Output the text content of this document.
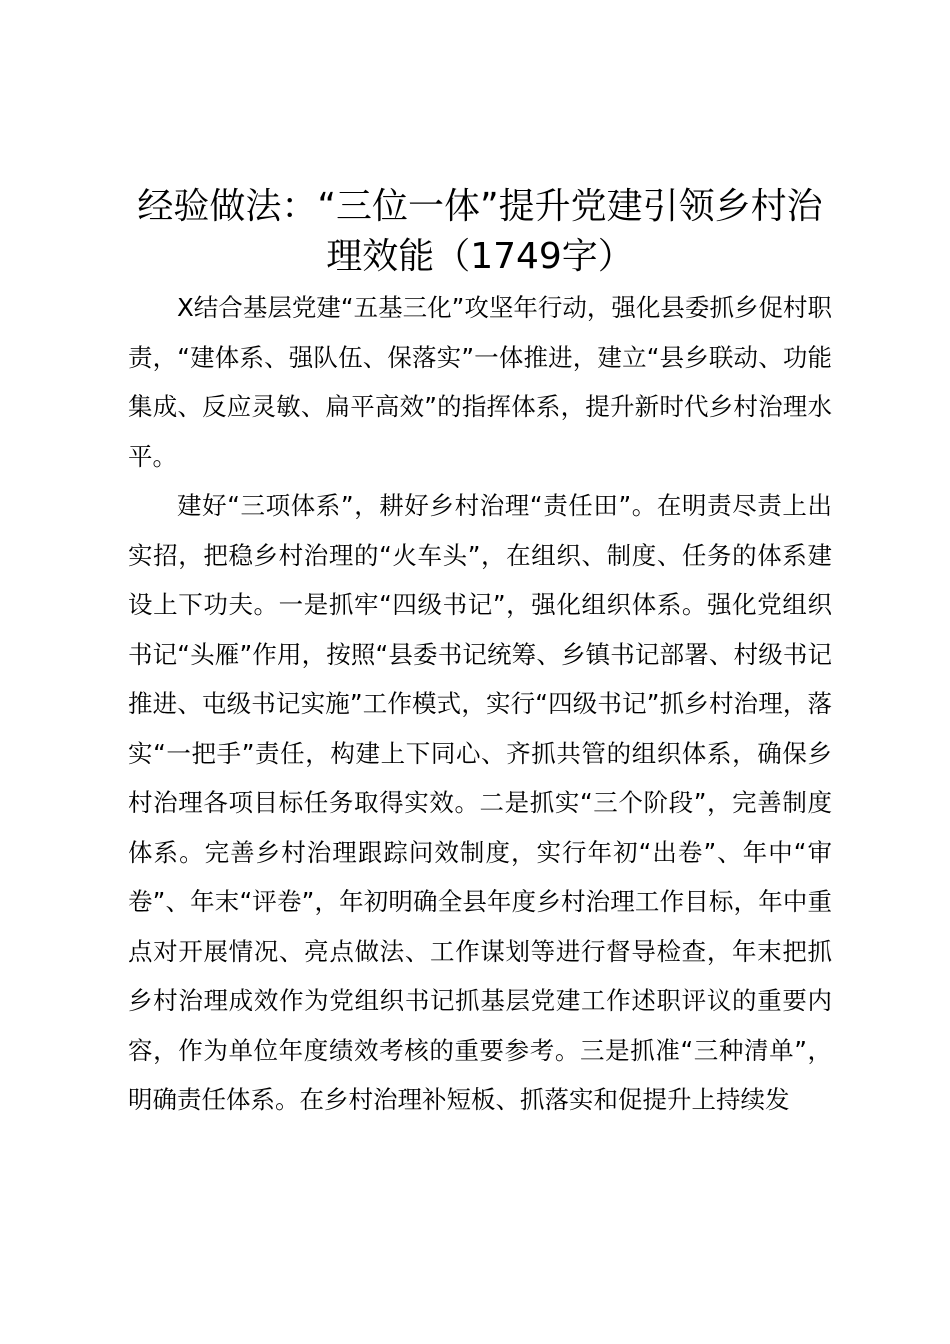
经验做法：“三位一体”提升党建引领乡村治理效能（1749字）

X结合基层党建“五基三化”攻坚年行动，强化县委抓乡促村职责，“建体系、强队伍、保落实”一体推进，建立“县乡联动、功能集成、反应灵敏、扁平高效”的指挥体系，提升新时代乡村治理水平。

建好“三项体系”，耕好乡村治理“责任田”。在明责尽责上出实招，把稳乡村治理的“火车头”，在组织、制度、任务的体系建设上下功夫。一是抓牢“四级书记”，强化组织体系。强化党组织书记“头雁”作用，按照“县委书记统筹、乡镇书记部署、村级书记推进、屯级书记实施”工作模式，实行“四级书记”抓乡村治理，落实“一把手”责任，构建上下同心、齐抓共管的组织体系，确保乡村治理各项目标任务取得实效。二是抓实“三个阶段”，完善制度体系。完善乡村治理跟踪问效制度，实行年初“出卷”、年中“审卷”、年末“评卷”，年初明确全县年度乡村治理工作目标，年中重点对开展情况、亮点做法、工作谋划等进行督导检查，年末把抓乡村治理成效作为党组织书记抓基层党建工作述职评议的重要内容，作为单位年度绩效考核的重要参考。三是抓准“三种清单”，明确责任体系。在乡村治理补短板、抓落实和促提升上持续发
